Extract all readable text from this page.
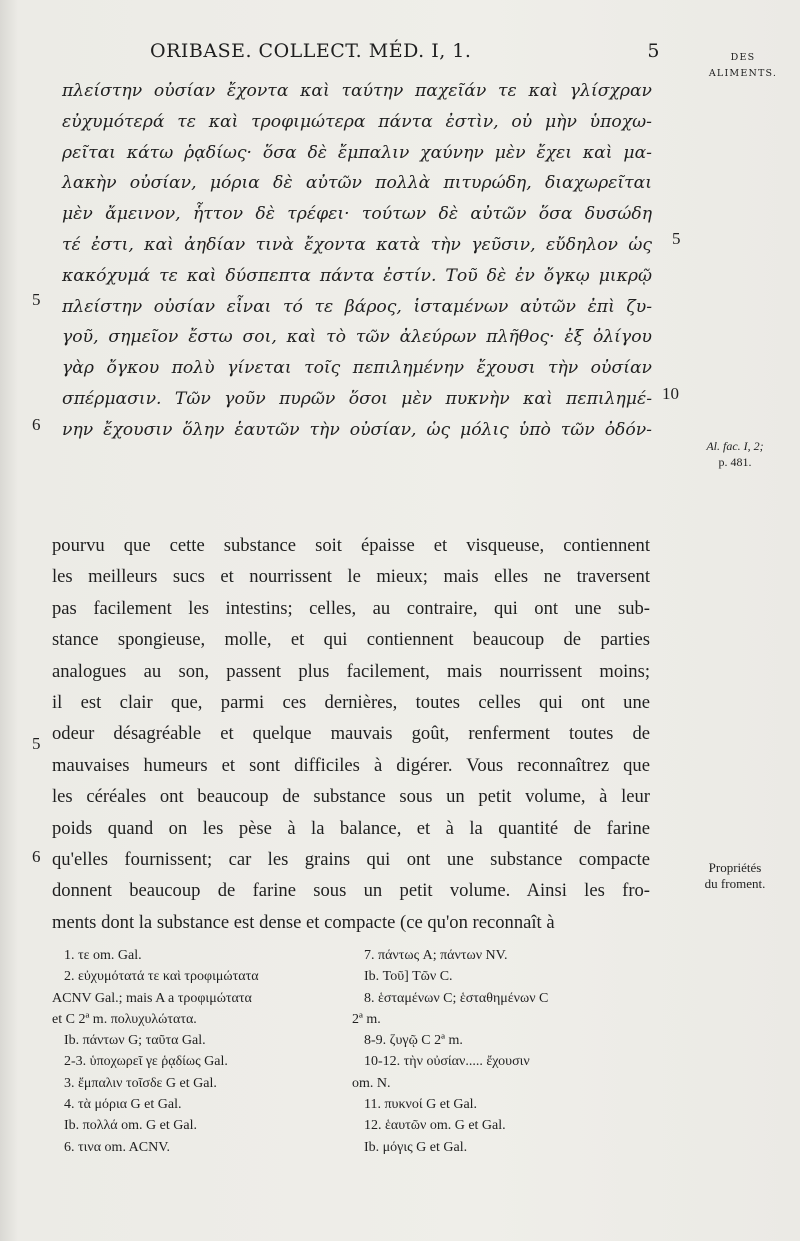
ORIBASE. COLLECT. MÉD. I, 1.	5	DES
ALIMENTS.
πλείστην οὐσίαν ἔχοντα καὶ ταύτην παχεῖάν τε καὶ γλίσχραν
εὐχυμότερά τε καὶ τροφιμώτερα πάντα ἐστὶν, οὐ μὴν ὑποχω-
ρεῖται κάτω ῥᾳδίως· ὅσα δὲ ἔμπαλιν χαύνην μὲν ἔχει καὶ μα-
λακὴν οὐσίαν, μόρια δὲ αὐτῶν πολλὰ πιτυρώδη, διαχωρεῖται
μὲν ἄμεινον, ἧττον δὲ τρέφει· τούτων δὲ αὐτῶν ὅσα δυσώδη
τέ ἐστι, καὶ ἀηδίαν τινὰ ἔχοντα κατὰ τὴν γεῦσιν, εὔδηλον ὡς
κακόχυμά τε καὶ δύσπεπτα πάντα ἐστίν. Τοῦ δὲ ἐν ὄγκῳ μικρῷ
πλείστην οὐσίαν εἶναι τό τε βάρος, ἱσταμένων αὐτῶν ἐπὶ ζυ-
γοῦ, σημεῖον ἔστω σοι, καὶ τὸ τῶν ἀλεύρων πλῆθος· ἐξ ὀλίγου
γὰρ ὄγκου πολὺ γίνεται τοῖς πεπιλημένην ἔχουσι τὴν οὐσίαν
σπέρμασιν. Τῶν γοῦν πυρῶν ὅσοι μὲν πυκνὴν καὶ πεπιλημέ-
νην ἔχουσιν ὅλην ἑαυτῶν τὴν οὐσίαν, ὡς μόλις ὑπὸ τῶν ὀδόν-
5
6
5
10
Al. fac. I, 2;
p. 481.
pourvu que cette substance soit épaisse et visqueuse, contiennent
les meilleurs sucs et nourrissent le mieux; mais elles ne traversent
pas facilement les intestins; celles, au contraire, qui ont une sub-
stance spongieuse, molle, et qui contiennent beaucoup de parties
analogues au son, passent plus facilement, mais nourrissent moins;
il est clair que, parmi ces dernières, toutes celles qui ont une
odeur désagréable et quelque mauvais goût, renferment toutes de
mauvaises humeurs et sont difficiles à digérer. Vous reconnaîtrez que
les céréales ont beaucoup de substance sous un petit volume, à leur
poids quand on les pèse à la balance, et à la quantité de farine
qu'elles fournissent; car les grains qui ont une substance compacte
donnent beaucoup de farine sous un petit volume. Ainsi les fro-
ments dont la substance est dense et compacte (ce qu'on reconnaît à
5
6
Propriétés
du froment.
1. τε om. Gal.
2. εὐχυμότατά τε καὶ τροφιμώτατα
ACNV Gal.; mais A a τροφιμώτατα
et C 2ª m. πολυχυλώτατα.
Ib. πάντων G; ταῦτα Gal.
2-3. ὑποχωρεῖ γε ῥᾳδίως Gal.
3. ἔμπαλιν τοῖσδε G et Gal.
4. τὰ μόρια G et Gal.
Ib. πολλά om. G et Gal.
6. τινα om. ACNV.
7. πάντως A; πάντων NV.
Ib. Τοῦ] Τῶν C.
8. ἑσταμένων C; ἑσταθημένων C
2ª m.
8-9. ζυγῷ C 2ª m.
10-12. τὴν οὐσίαν..... ἔχουσιν
om. N.
11. πυκνοί G et Gal.
12. ἑαυτῶν om. G et Gal.
Ib. μόγις G et Gal.
